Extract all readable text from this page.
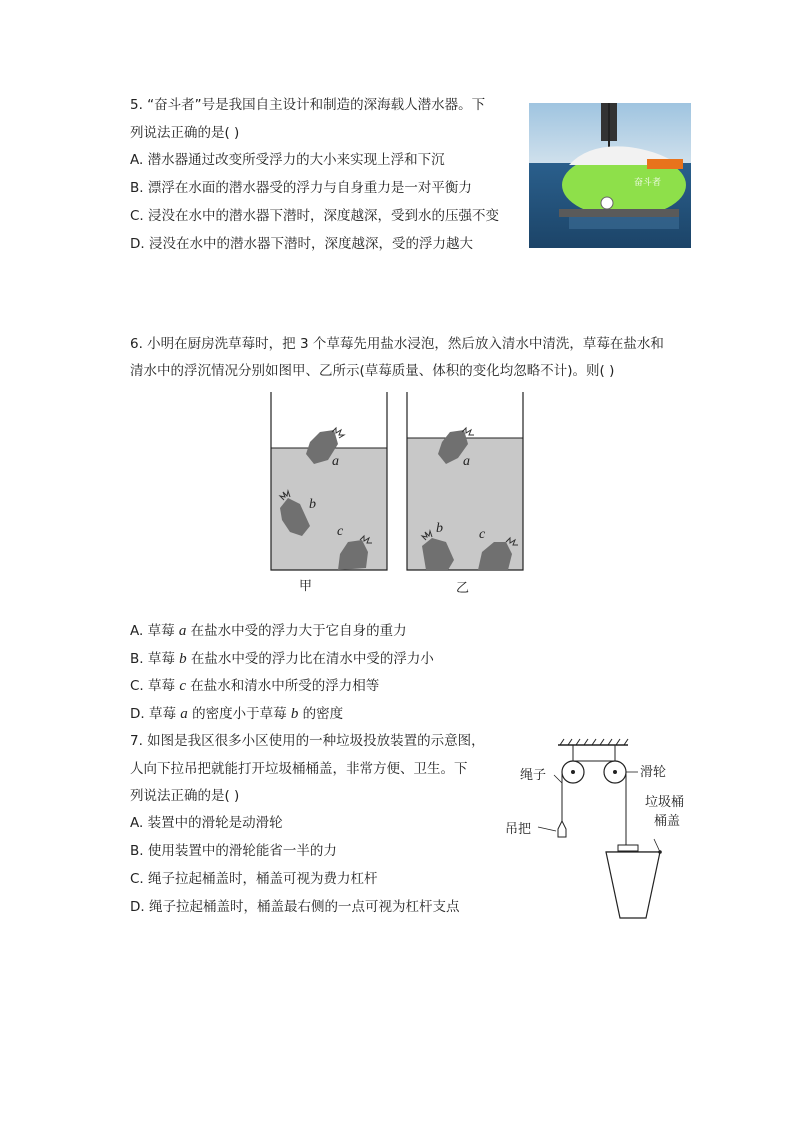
5. “奋斗者”号是我国自主设计和制造的深海载人潜水器。下
列说法正确的是( )
A. 潜水器通过改变所受浮力的大小来实现上浮和下沉
B. 漂浮在水面的潜水器受的浮力与自身重力是一对平衡力
C. 浸没在水中的潜水器下潜时，深度越深，受到水的压强不变
D. 浸没在水中的潜水器下潜时，深度越深，受的浮力越大
奋斗者
6. 小明在厨房洗草莓时，把 3 个草莓先用盐水浸泡，然后放入清水中清洗，草莓在盐水和
清水中的浮沉情况分别如图甲、乙所示(草莓质量、体积的变化均忽略不计)。则( )
a
b
c
a
b	c
甲	乙
A. 草莓 a 在盐水中受的浮力大于它自身的重力
B. 草莓 b 在盐水中受的浮力比在清水中受的浮力小
C. 草莓 c 在盐水和清水中所受的浮力相等
D. 草莓 a 的密度小于草莓 b 的密度
7. 如图是我区很多小区使用的一种垃圾投放装置的示意图，
人向下拉吊把就能打开垃圾桶桶盖，非常方便、卫生。下
列说法正确的是( )
A. 装置中的滑轮是动滑轮
B. 使用装置中的滑轮能省一半的力
C. 绳子拉起桶盖时，桶盖可视为费力杠杆
D. 绳子拉起桶盖时，桶盖最右侧的一点可视为杠杆支点
绳子	滑轮
吊把
垃圾桶
桶盖
